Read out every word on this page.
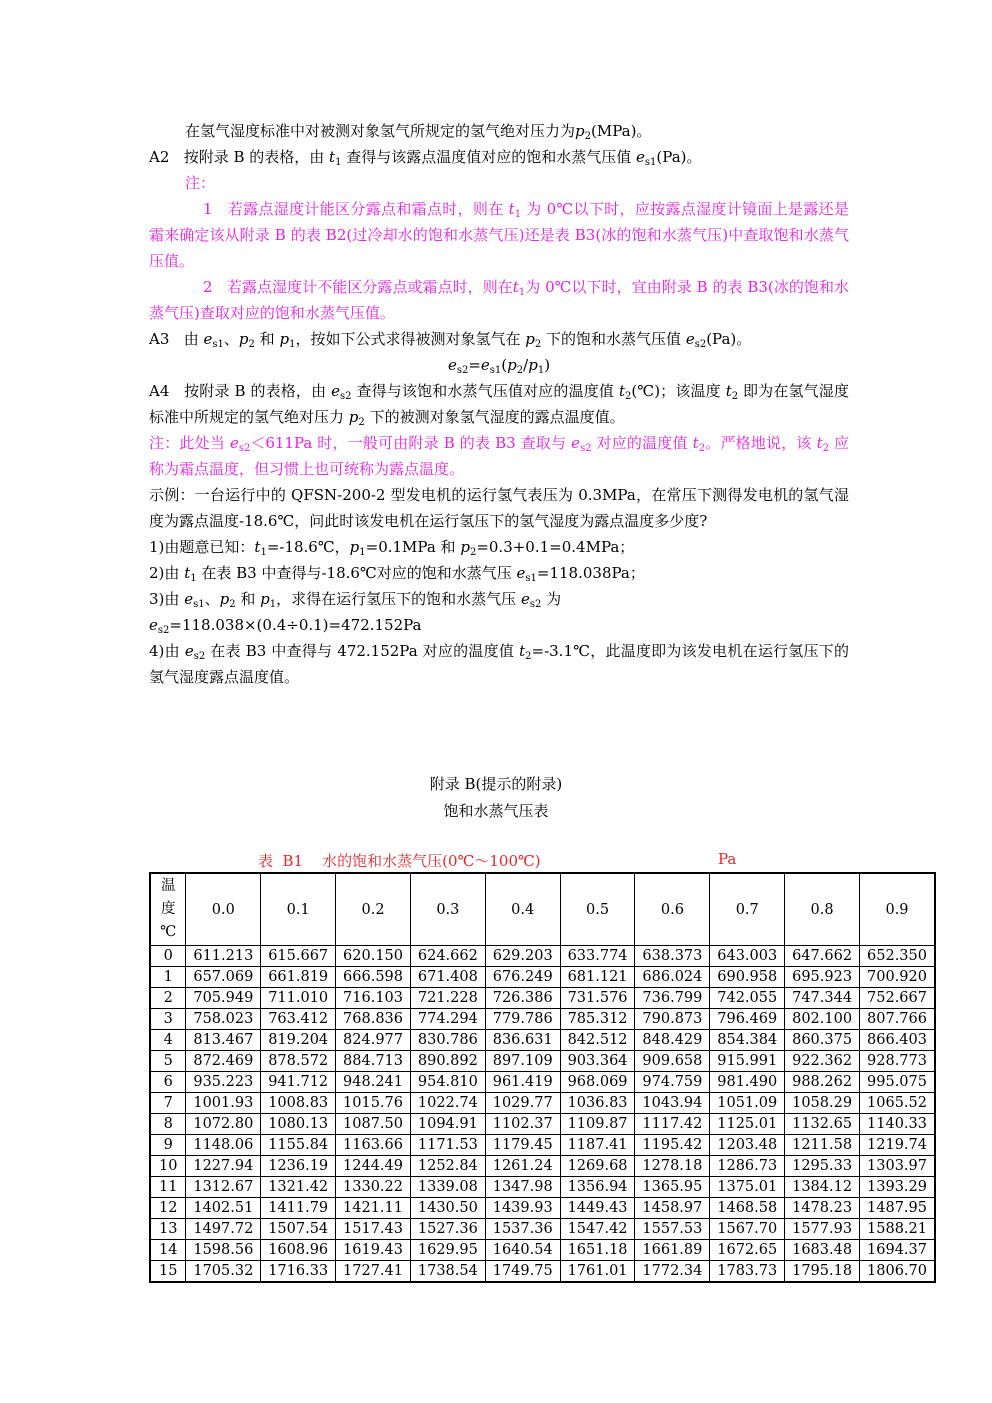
在氢气湿度标准中对被测对象氢气所规定的氢气绝对压力为$p_2(MPa)$。
A2 按附录 B 的表格，由 $t_1$ 查得与该露点温度值对应的饱和水蒸气压值 $e_{s1}(Pa)$。
注：
1 若露点湿度计能区分露点和霜点时，则在 $t_1$ 为 0℃以下时，应按露点湿度计镜面上是露还是霜来确定该从附录 B 的表 B2(过冷却水的饱和水蒸气压)还是表 B3(冰的饱和水蒸气压)中查取饱和水蒸气压值。
2 若露点湿度计不能区分露点或霜点时，则在$t_1$为 0℃以下时，宜由附录 B 的表 B3(冰的饱和水蒸气压)查取对应的饱和水蒸气压值。
A3 由 $e_{s1}$、$p_2$ 和 $p_1$，按如下公式求得被测对象氢气在 $p_2$ 下的饱和水蒸气压值 $e_{s2}(Pa)$。
$e_{s2}=e_{s1}(p_2/p_1)$
A4 按附录 B 的表格，由 $e_{s2}$ 查得与该饱和水蒸气压值对应的温度值 $t_2(℃)$；该温度 $t_2$ 即为在氢气湿度标准中所规定的氢气绝对压力 $p_2$ 下的被测对象氢气湿度的露点温度值。
注：此处当 $e_{s2}<611Pa$ 时，一般可由附录 B 的表 B3 查取与 $e_{s2}$ 对应的温度值 $t_2$。严格地说，该 $t_2$ 应称为霜点温度，但习惯上也可统称为露点温度。
示例：一台运行中的 QFSN-200-2 型发电机的运行氢气表压为 0.3MPa，在常压下测得发电机的氢气湿度为露点温度-18.6℃，问此时该发电机在运行氢压下的氢气湿度为露点温度多少度?
1)由题意已知：$t_1=-18.6℃$，$p_1=0.1MPa$ 和 $p_2=0.3+0.1=0.4MPa$；
2)由 $t_1$ 在表 B3 中查得与-18.6℃对应的饱和水蒸气压 $e_{s1}=118.038Pa$；
3)由 $e_{s1}$、$p_2$ 和 $p_1$，求得在运行氢压下的饱和水蒸气压 $e_{s2}$ 为
$e_{s2}=118.038\times(0.4\div 0.1)=472.152Pa$
4)由 $e_{s2}$ 在表 B3 中查得与 472.152Pa 对应的温度值 $t_2=-3.1℃$，此温度即为该发电机在运行氢压下的氢气湿度露点温度值。
附录 B(提示的附录)
饱和水蒸气压表
表  B1    水的饱和水蒸气压(0℃～100℃)	Pa
温
度
℃	0.0	0.1	0.2	0.3	0.4	0.5	0.6	0.7	0.8	0.9
0	611.213	615.667	620.150	624.662	629.203	633.774	638.373	643.003	647.662	652.350
1	657.069	661.819	666.598	671.408	676.249	681.121	686.024	690.958	695.923	700.920
2	705.949	711.010	716.103	721.228	726.386	731.576	736.799	742.055	747.344	752.667
3	758.023	763.412	768.836	774.294	779.786	785.312	790.873	796.469	802.100	807.766
4	813.467	819.204	824.977	830.786	836.631	842.512	848.429	854.384	860.375	866.403
5	872.469	878.572	884.713	890.892	897.109	903.364	909.658	915.991	922.362	928.773
6	935.223	941.712	948.241	954.810	961.419	968.069	974.759	981.490	988.262	995.075
7	1001.93	1008.83	1015.76	1022.74	1029.77	1036.83	1043.94	1051.09	1058.29	1065.52
8	1072.80	1080.13	1087.50	1094.91	1102.37	1109.87	1117.42	1125.01	1132.65	1140.33
9	1148.06	1155.84	1163.66	1171.53	1179.45	1187.41	1195.42	1203.48	1211.58	1219.74
10	1227.94	1236.19	1244.49	1252.84	1261.24	1269.68	1278.18	1286.73	1295.33	1303.97
11	1312.67	1321.42	1330.22	1339.08	1347.98	1356.94	1365.95	1375.01	1384.12	1393.29
12	1402.51	1411.79	1421.11	1430.50	1439.93	1449.43	1458.97	1468.58	1478.23	1487.95
13	1497.72	1507.54	1517.43	1527.36	1537.36	1547.42	1557.53	1567.70	1577.93	1588.21
14	1598.56	1608.96	1619.43	1629.95	1640.54	1651.18	1661.89	1672.65	1683.48	1694.37
15	1705.32	1716.33	1727.41	1738.54	1749.75	1761.01	1772.34	1783.73	1795.18	1806.70
